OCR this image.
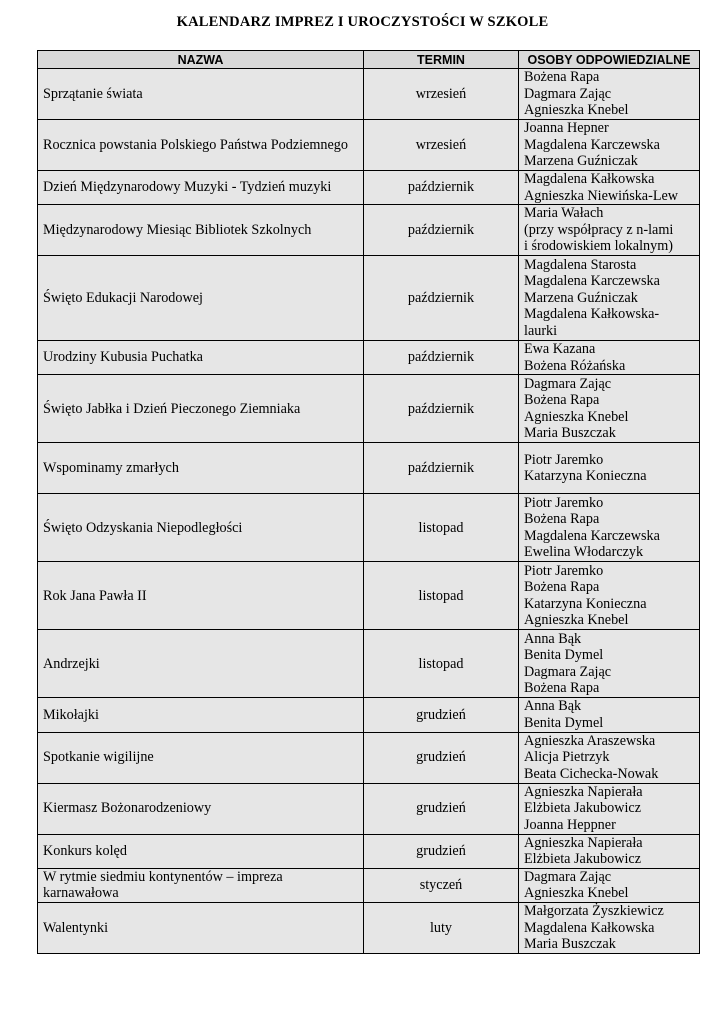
KALENDARZ IMPREZ I UROCZYSTOŚCI W SZKOLE
NAZWA	TERMIN	OSOBY ODPOWIEDZIALNE
Sprzątanie świata	wrzesień	Bożena Rapa
Dagmara Zając
Agnieszka Knebel

Rocznica powstania Polskiego Państwa Podziemnego	wrzesień	Joanna Hepner
Magdalena Karczewska
Marzena Guźniczak

Dzień Międzynarodowy Muzyki - Tydzień muzyki	październik	Magdalena Kałkowska
Agnieszka Niewińska-Lew

Międzynarodowy Miesiąc Bibliotek Szkolnych	październik	Maria Wałach
(przy współpracy z n-lami
i środowiskiem lokalnym)

Święto Edukacji Narodowej	październik	Magdalena Starosta
Magdalena Karczewska
Marzena Guźniczak
Magdalena Kałkowska-
laurki

Urodziny Kubusia Puchatka	październik	Ewa Kazana
Bożena Różańska

Święto Jabłka i Dzień Pieczonego Ziemniaka	październik	Dagmara Zając
Bożena Rapa
Agnieszka Knebel
Maria Buszczak

Wspominamy zmarłych	październik	Piotr Jaremko
Katarzyna Konieczna

Święto Odzyskania Niepodległości	listopad	Piotr Jaremko
Bożena Rapa
Magdalena Karczewska
Ewelina Włodarczyk

Rok Jana Pawła II	listopad	Piotr Jaremko
Bożena Rapa
Katarzyna Konieczna
Agnieszka Knebel

Andrzejki	listopad	Anna Bąk
Benita Dymel
Dagmara Zając
Bożena Rapa

Mikołajki	grudzień	Anna Bąk
Benita Dymel

Spotkanie wigilijne	grudzień	Agnieszka Araszewska
Alicja Pietrzyk
Beata Cichecka-Nowak

Kiermasz Bożonarodzeniowy	grudzień	Agnieszka Napierała
Elżbieta Jakubowicz
Joanna Heppner

Konkurs kolęd	grudzień	Agnieszka Napierała
Elżbieta Jakubowicz

W rytmie siedmiu kontynentów – impreza karnawałowa	styczeń	Dagmara Zając
Agnieszka Knebel

Walentynki	luty	Małgorzata Żyszkiewicz
Magdalena Kałkowska
Maria Buszczak
